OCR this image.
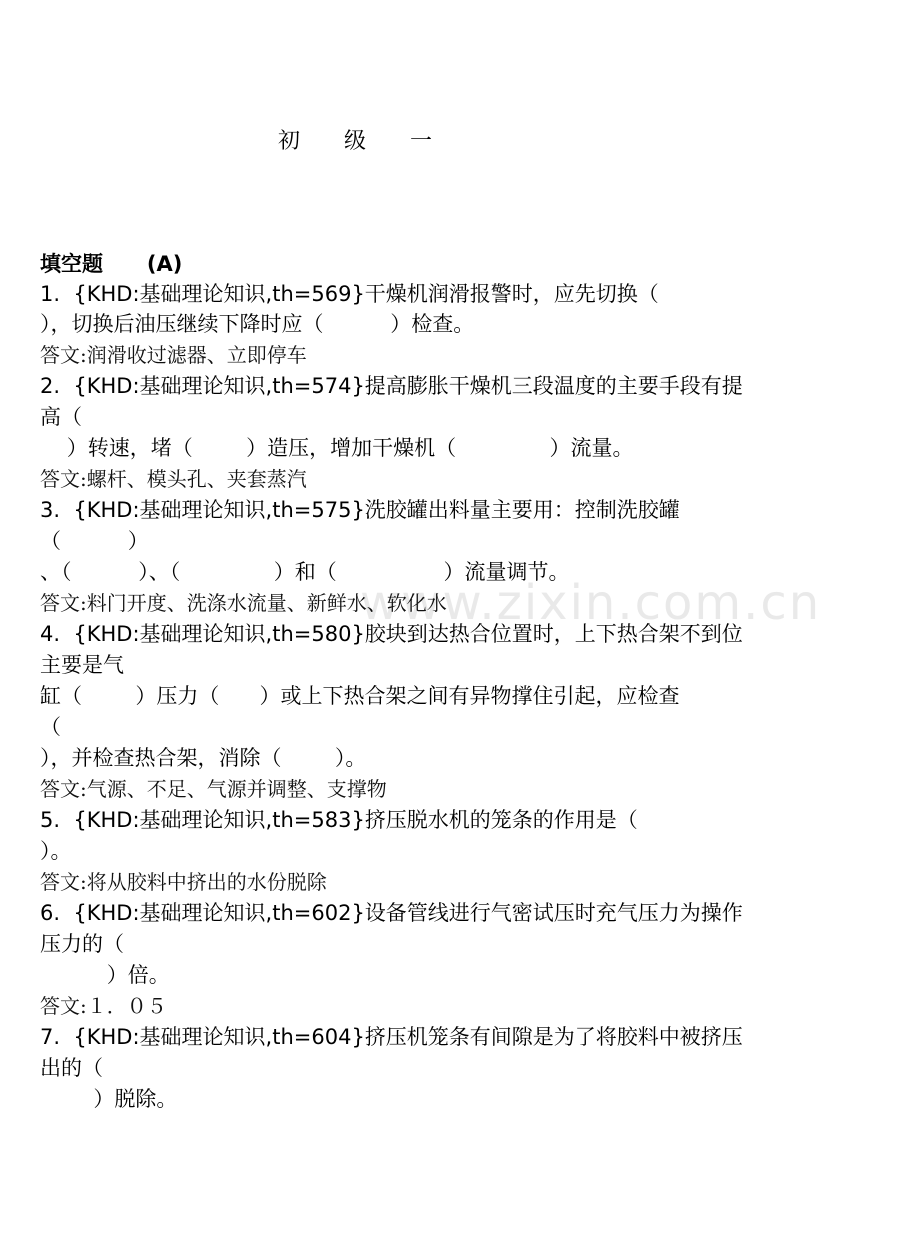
初  级  一
www.zixin.com.cn
填空题      (A)
1.  {KHD:基础理论知识,th=569}干燥机润滑报警时，应先切换（
），切换后油压继续下降时应（          ）检查。
答文:润滑收过滤器、立即停车
2.  {KHD:基础理论知识,th=574}提高膨胀干燥机三段温度的主要手段有提
高（
）转速，堵（        ）造压，增加干燥机（              ）流量。
答文:螺杆、模头孔、夹套蒸汽
3.  {KHD:基础理论知识,th=575}洗胶罐出料量主要用：控制洗胶罐
（          ）
、（          ）、（              ）和（                ）流量调节。
答文:料门开度、洗涤水流量、新鲜水、软化水
4.  {KHD:基础理论知识,th=580}胶块到达热合位置时，上下热合架不到位
主要是气
缸（        ）压力（      ）或上下热合架之间有异物撑住引起，应检查
（
），并检查热合架，消除（        ）。
答文:气源、不足、气源并调整、支撑物
5.  {KHD:基础理论知识,th=583}挤压脱水机的笼条的作用是（
）。
答文:将从胶料中挤出的水份脱除
6.  {KHD:基础理论知识,th=602}设备管线进行气密试压时充气压力为操作
压力的（
）倍。
答文:１．０５
7.  {KHD:基础理论知识,th=604}挤压机笼条有间隙是为了将胶料中被挤压
出的（
）脱除。
